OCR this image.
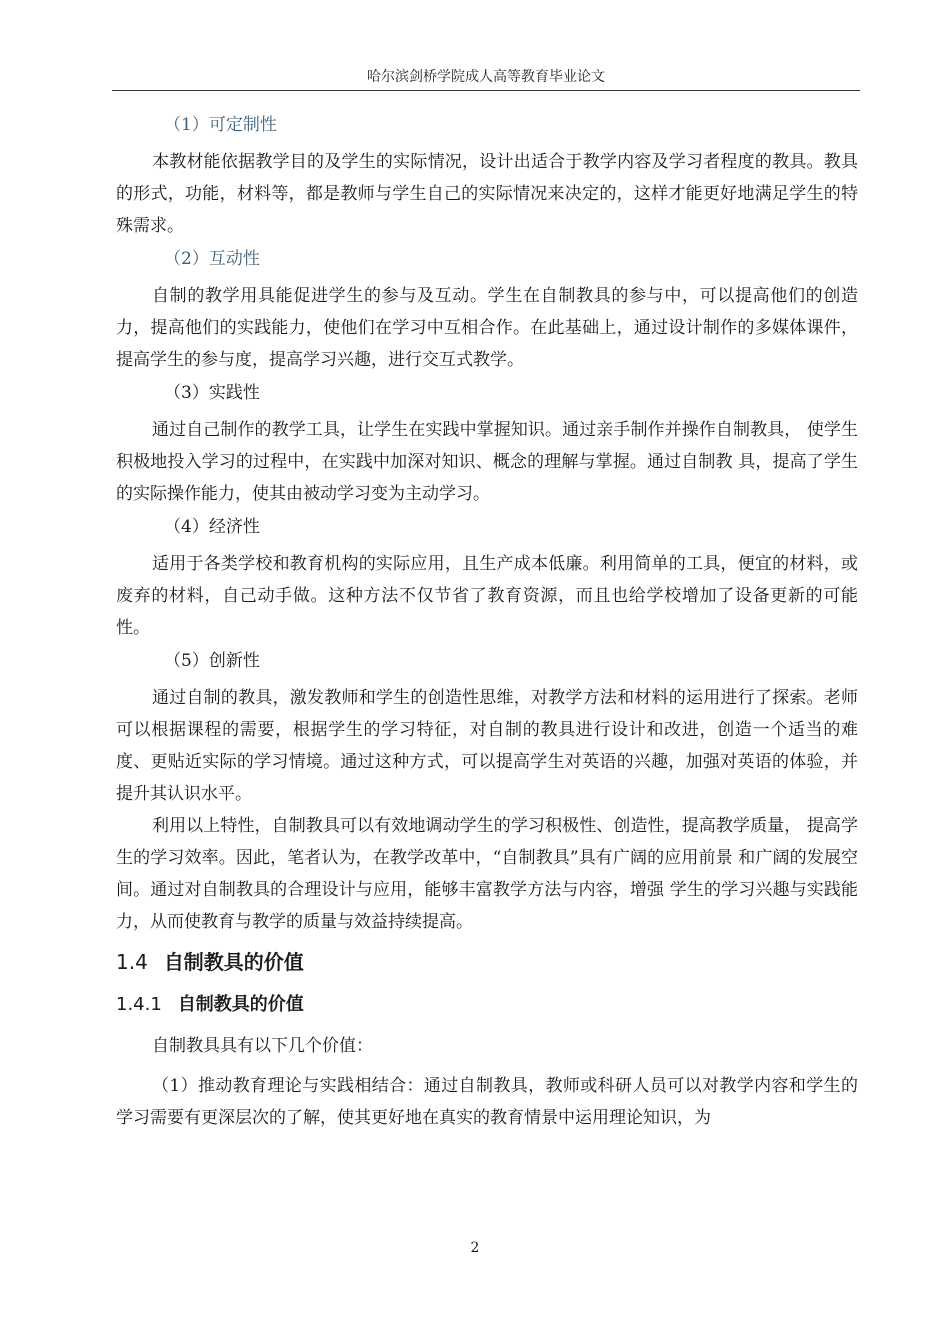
哈尔滨剑桥学院成人高等教育毕业论文
（1）可定制性

本教材能依据教学目的及学生的实际情况，设计出适合于教学内容及学习者程度的教具。教具的形式，功能，材料等，都是教师与学生自己的实际情况来决定的，这样才能更好地满足学生的特殊需求。

（2）互动性

自制的教学用具能促进学生的参与及互动。学生在自制教具的参与中，可以提高他们的创造力，提高他们的实践能力，使他们在学习中互相合作。在此基础上，通过设计制作的多媒体课件，提高学生的参与度，提高学习兴趣，进行交互式教学。

（3）实践性

通过自己制作的教学工具，让学生在实践中掌握知识。通过亲手制作并操作自制教具， 使学生积极地投入学习的过程中，在实践中加深对知识、概念的理解与掌握。通过自制教 具，提高了学生的实际操作能力，使其由被动学习变为主动学习。

（4）经济性

适用于各类学校和教育机构的实际应用，且生产成本低廉。利用简单的工具，便宜的材料，或废弃的材料，自己动手做。这种方法不仅节省了教育资源，而且也给学校增加了设备更新的可能性。

（5）创新性

通过自制的教具，激发教师和学生的创造性思维，对教学方法和材料的运用进行了探索。老师可以根据课程的需要，根据学生的学习特征，对自制的教具进行设计和改进，创造一个适当的难度、更贴近实际的学习情境。通过这种方式，可以提高学生对英语的兴趣，加强对英语的体验，并提升其认识水平。

利用以上特性，自制教具可以有效地调动学生的学习积极性、创造性，提高教学质量， 提高学生的学习效率。因此，笔者认为，在教学改革中，“自制教具”具有广阔的应用前景 和广阔的发展空间。通过对自制教具的合理设计与应用，能够丰富教学方法与内容，增强 学生的学习兴趣与实践能力，从而使教育与教学的质量与效益持续提高。

1.4 自制教具的价值
1.4.1 自制教具的价值

自制教具具有以下几个价值：

（1）推动教育理论与实践相结合：通过自制教具，教师或科研人员可以对教学内容和学生的学习需要有更深层次的了解，使其更好地在真实的教育情景中运用理论知识，为

2
